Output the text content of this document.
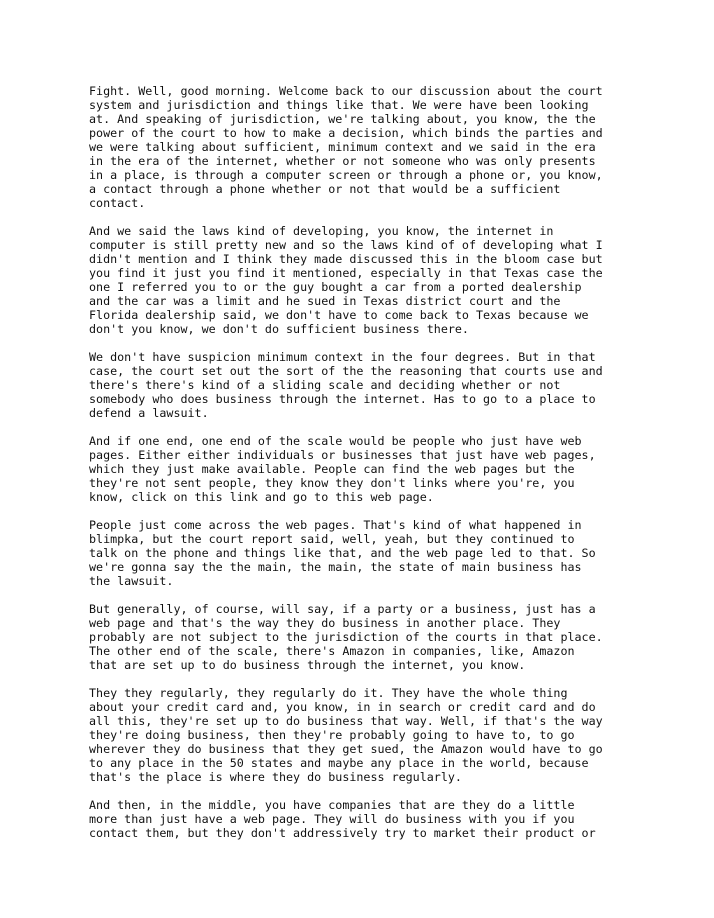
Fight. Well, good morning. Welcome back to our discussion about the court
system and jurisdiction and things like that. We were have been looking
at. And speaking of jurisdiction, we're talking about, you know, the the
power of the court to how to make a decision, which binds the parties and
we were talking about sufficient, minimum context and we said in the era
in the era of the internet, whether or not someone who was only presents
in a place, is through a computer screen or through a phone or, you know,
a contact through a phone whether or not that would be a sufficient
contact.
And we said the laws kind of developing, you know, the internet in
computer is still pretty new and so the laws kind of of developing what I
didn't mention and I think they made discussed this in the bloom case but
you find it just you find it mentioned, especially in that Texas case the
one I referred you to or the guy bought a car from a ported dealership
and the car was a limit and he sued in Texas district court and the
Florida dealership said, we don't have to come back to Texas because we
don't you know, we don't do sufficient business there.
We don't have suspicion minimum context in the four degrees. But in that
case, the court set out the sort of the the reasoning that courts use and
there's there's kind of a sliding scale and deciding whether or not
somebody who does business through the internet. Has to go to a place to
defend a lawsuit.
And if one end, one end of the scale would be people who just have web
pages. Either either individuals or businesses that just have web pages,
which they just make available. People can find the web pages but the
they're not sent people, they know they don't links where you're, you
know, click on this link and go to this web page.
People just come across the web pages. That's kind of what happened in
blimpka, but the court report said, well, yeah, but they continued to
talk on the phone and things like that, and the web page led to that. So
we're gonna say the the main, the main, the state of main business has
the lawsuit.
But generally, of course, will say, if a party or a business, just has a
web page and that's the way they do business in another place. They
probably are not subject to the jurisdiction of the courts in that place.
The other end of the scale, there's Amazon in companies, like, Amazon
that are set up to do business through the internet, you know.
They they regularly, they regularly do it. They have the whole thing
about your credit card and, you know, in in search or credit card and do
all this, they're set up to do business that way. Well, if that's the way
they're doing business, then they're probably going to have to, to go
wherever they do business that they get sued, the Amazon would have to go
to any place in the 50 states and maybe any place in the world, because
that's the place is where they do business regularly.
And then, in the middle, you have companies that are they do a little
more than just have a web page. They will do business with you if you
contact them, but they don't addressively try to market their product or
